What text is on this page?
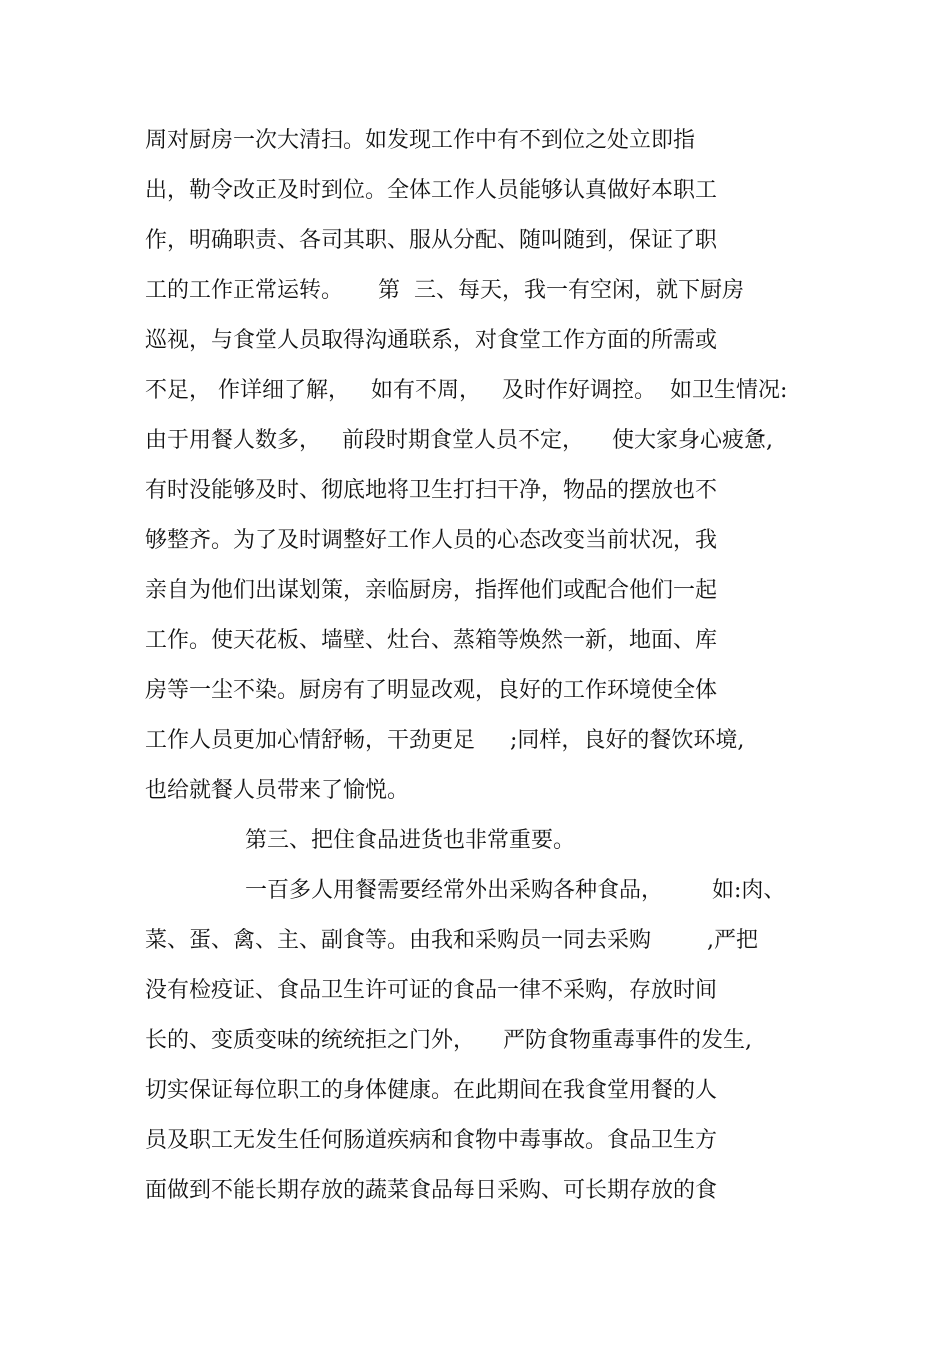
周对厨房一次大清扫。如发现工作中有不到位之处立即指

出，勒令改正及时到位。全体工作人员能够认真做好本职工

作，明确职责、各司其职、服从分配、随叫随到，保证了职

工的工作正常运转。     第  三、每天，我一有空闲，就下厨房

巡视，与食堂人员取得沟通联系，对食堂工作方面的所需或

不足， 作详细了解，   如有不周，   及时作好调控。  如卫生情况:

由于用餐人数多，   前段时期食堂人员不定，    使大家身心疲惫,

有时没能够及时、彻底地将卫生打扫干净，物品的摆放也不

够整齐。为了及时调整好工作人员的心态改变当前状况，我

亲自为他们出谋划策，亲临厨房，指挥他们或配合他们一起

工作。使天花板、墙壁、灶台、蒸箱等焕然一新，地面、库

房等一尘不染。厨房有了明显改观，良好的工作环境使全体

工作人员更加心情舒畅，干劲更足     ;同样，良好的餐饮环境,

也给就餐人员带来了愉悦。

第三、把住食品进货也非常重要。

一百多人用餐需要经常外出采购各种食品，       如:肉、

菜、蛋、禽、主、副食等。由我和采购员一同去采购        ,严把

没有检疫证、食品卫生许可证的食品一律不采购，存放时间

长的、变质变味的统统拒之门外，    严防食物重毒事件的发生,

切实保证每位职工的身体健康。在此期间在我食堂用餐的人

员及职工无发生任何肠道疾病和食物中毒事故。食品卫生方

面做到不能长期存放的蔬菜食品每日采购、可长期存放的食
